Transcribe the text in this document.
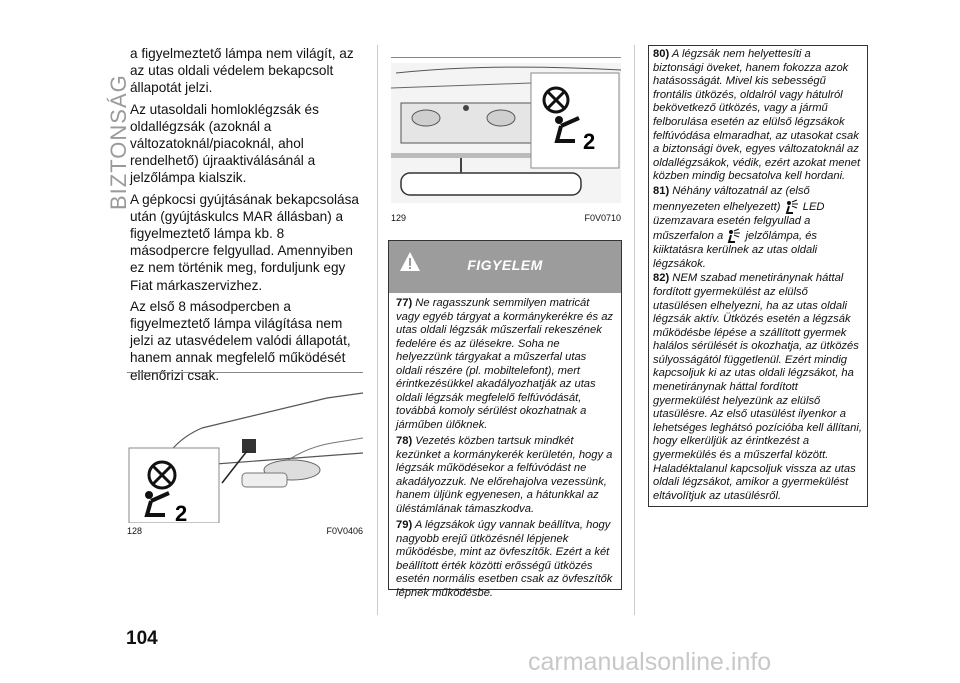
BIZTONSÁG

a figyelmeztető lámpa nem világít, az az utas oldali védelem bekapcsolt állapotát jelzi.

Az utasoldali homloklégzsák és oldallégzsák (azoknál a változatoknál/piacoknál, ahol rendelhető) újraaktiválásánál a jelzőlámpa kialszik.

A gépkocsi gyújtásának bekapcsolása után (gyújtáskulcs MAR állásban) a figyelmeztető lámpa kb. 8 másodpercre felgyullad. Amennyiben ez nem történik meg, forduljunk egy Fiat márkaszervizhez.

Az első 8 másodpercben a figyelmeztető lámpa világítása nem jelzi az utasvédelem valódi állapotát, hanem annak megfelelő működését ellenőrizi csak.

2
128	F0V0406
2
129	F0V0710
FIGYELEM

77) Ne ragasszunk semmilyen matricát vagy egyéb tárgyat a kormánykerékre és az utas oldali légzsák műszerfali rekeszének fedelére és az ülésekre. Soha ne helyezzünk tárgyakat a műszerfal utas oldali részére (pl. mobiltelefont), mert érintkezésükkel akadályozhatják az utas oldali légzsák megfelelő felfúvódását, továbbá komoly sérülést okozhatnak a járműben ülőknek.

78) Vezetés közben tartsuk mindkét kezünket a kormánykerék kerületén, hogy a légzsák működésekor a felfúvódást ne akadályozzuk. Ne előrehajolva vezessünk, hanem üljünk egyenesen, a hátunkkal az üléstámlának támaszkodva.

79) A légzsákok úgy vannak beállítva, hogy nagyobb erejű ütközésnél lépjenek működésbe, mint az övfeszítők. Ezért a két beállított érték közötti erősségű ütközés esetén normális esetben csak az övfeszítők lépnek működésbe.

80) A légzsák nem helyettesíti a biztonsági öveket, hanem fokozza azok hatásosságát. Mivel kis sebességű frontális ütközés, oldalról vagy hátulról bekövetkező ütközés, vagy a jármű felborulása esetén az elülső légzsákok felfúvódása elmaradhat, az utasokat csak a biztonsági övek, egyes változatoknál az oldallégzsákok, védik, ezért azokat menet közben mindig becsatolva kell hordani.

81) Néhány változatnál az (első mennyezeten elhelyezett) LED üzemzavara esetén felgyullad a műszerfalon a jelzőlámpa, és kiiktatásra kerülnek az utas oldali légzsákok.

82) NEM szabad menetiránynak háttal fordított gyermekülést az elülső utasülésen elhelyezni, ha az utas oldali légzsák aktív. Ütközés esetén a légzsák működésbe lépése a szállított gyermek halálos sérülését is okozhatja, az ütközés súlyosságától függetlenül. Ezért mindig kapcsoljuk ki az utas oldali légzsákot, ha menetiránynak háttal fordított gyermekülést helyezünk az elülső utasülésre. Az első utasülést ilyenkor a lehetséges leghátsó pozícióba kell állítani, hogy elkerüljük az érintkezést a gyermekülés és a műszerfal között. Haladéktalanul kapcsoljuk vissza az utas oldali légzsákot, amikor a gyermekülést eltávolítjuk az utasülésről.

104
carmanualsonline.info
